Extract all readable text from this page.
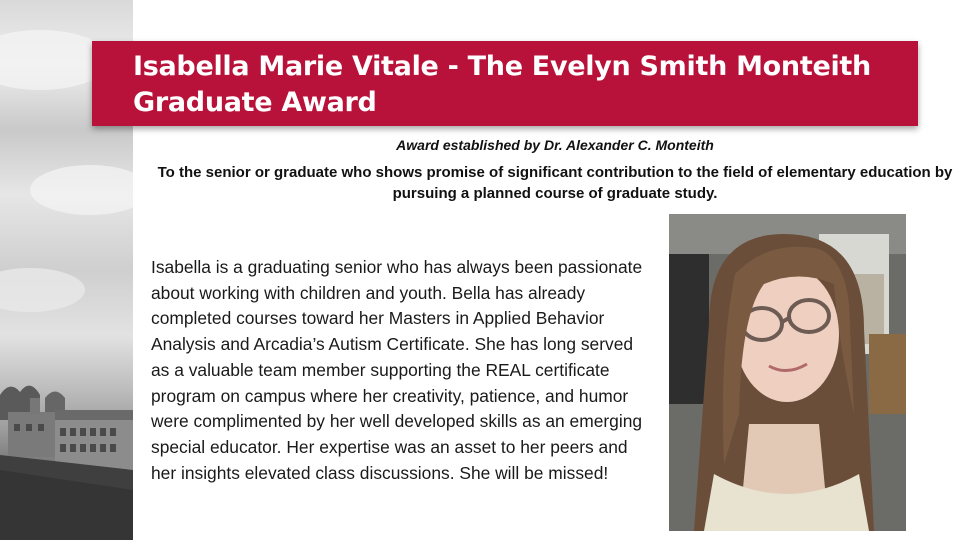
Isabella Marie Vitale - The Evelyn Smith Monteith Graduate Award
Award established by Dr. Alexander C. Monteith
To the senior or graduate who shows promise of significant contribution to the field of elementary education by pursuing a planned course of graduate study.
Isabella is a graduating senior who has always been passionate about working with children and youth. Bella has already completed courses toward her Masters in Applied Behavior Analysis and Arcadia’s Autism Certificate. She has long served as a valuable team member supporting the REAL certificate program on campus where her creativity, patience, and humor were complimented by her well developed skills as an emerging special educator. Her expertise was an asset to her peers and her insights elevated class discussions. She will be missed!
